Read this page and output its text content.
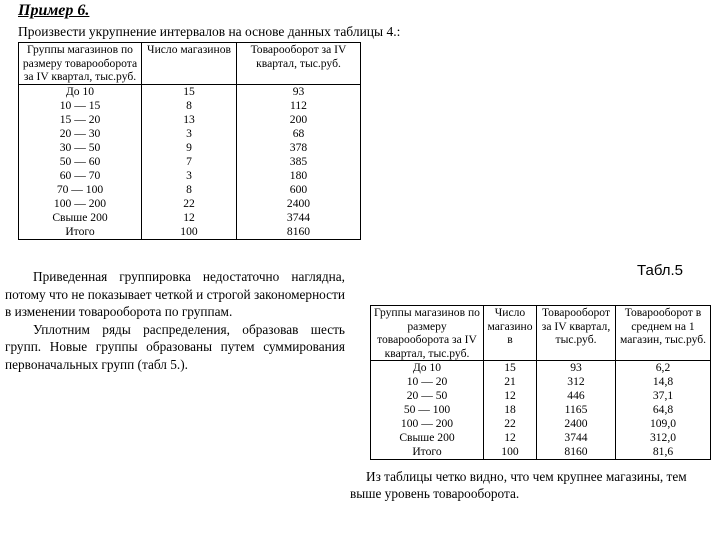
Пример 6.
Произвести укрупнение интервалов на основе данных таблицы 4.:
Группы магазинов по размеру товарооборота за IV квартал, тыс.руб.	Число магазинов	Товарооборот за IV квартал, тыс.руб.
До 10	15	93
10 — 15	8	112
15 — 20	13	200
20 — 30	3	68
30 — 50	9	378
50 — 60	7	385
60 — 70	3	180
70 — 100	8	600
100 — 200	22	2400
Свыше 200	12	3744
Итого	100	8160

Приведенная группировка недостаточно наглядна, потому что не показывает четкой и строгой закономерности в изменении товарооборота по группам.

Уплотним ряды распределения, образовав шесть групп. Новые группы образованы путем суммирования первоначальных групп (табл 5.).

Табл.5
Группы магазинов по размеру товарооборота за IV квартал, тыс.руб.	Число магазино в	Товарооборот за IV квартал, тыс.руб.	Товарооборот в среднем на 1 магазин, тыс.руб.
До 10	15	93	6,2
10 — 20	21	312	14,8
20 — 50	12	446	37,1
50 — 100	18	1165	64,8
100 — 200	22	2400	109,0
Свыше 200	12	3744	312,0
Итого	100	8160	81,6
Из таблицы четко видно, что чем крупнее магазины, тем выше уровень товарооборота.
